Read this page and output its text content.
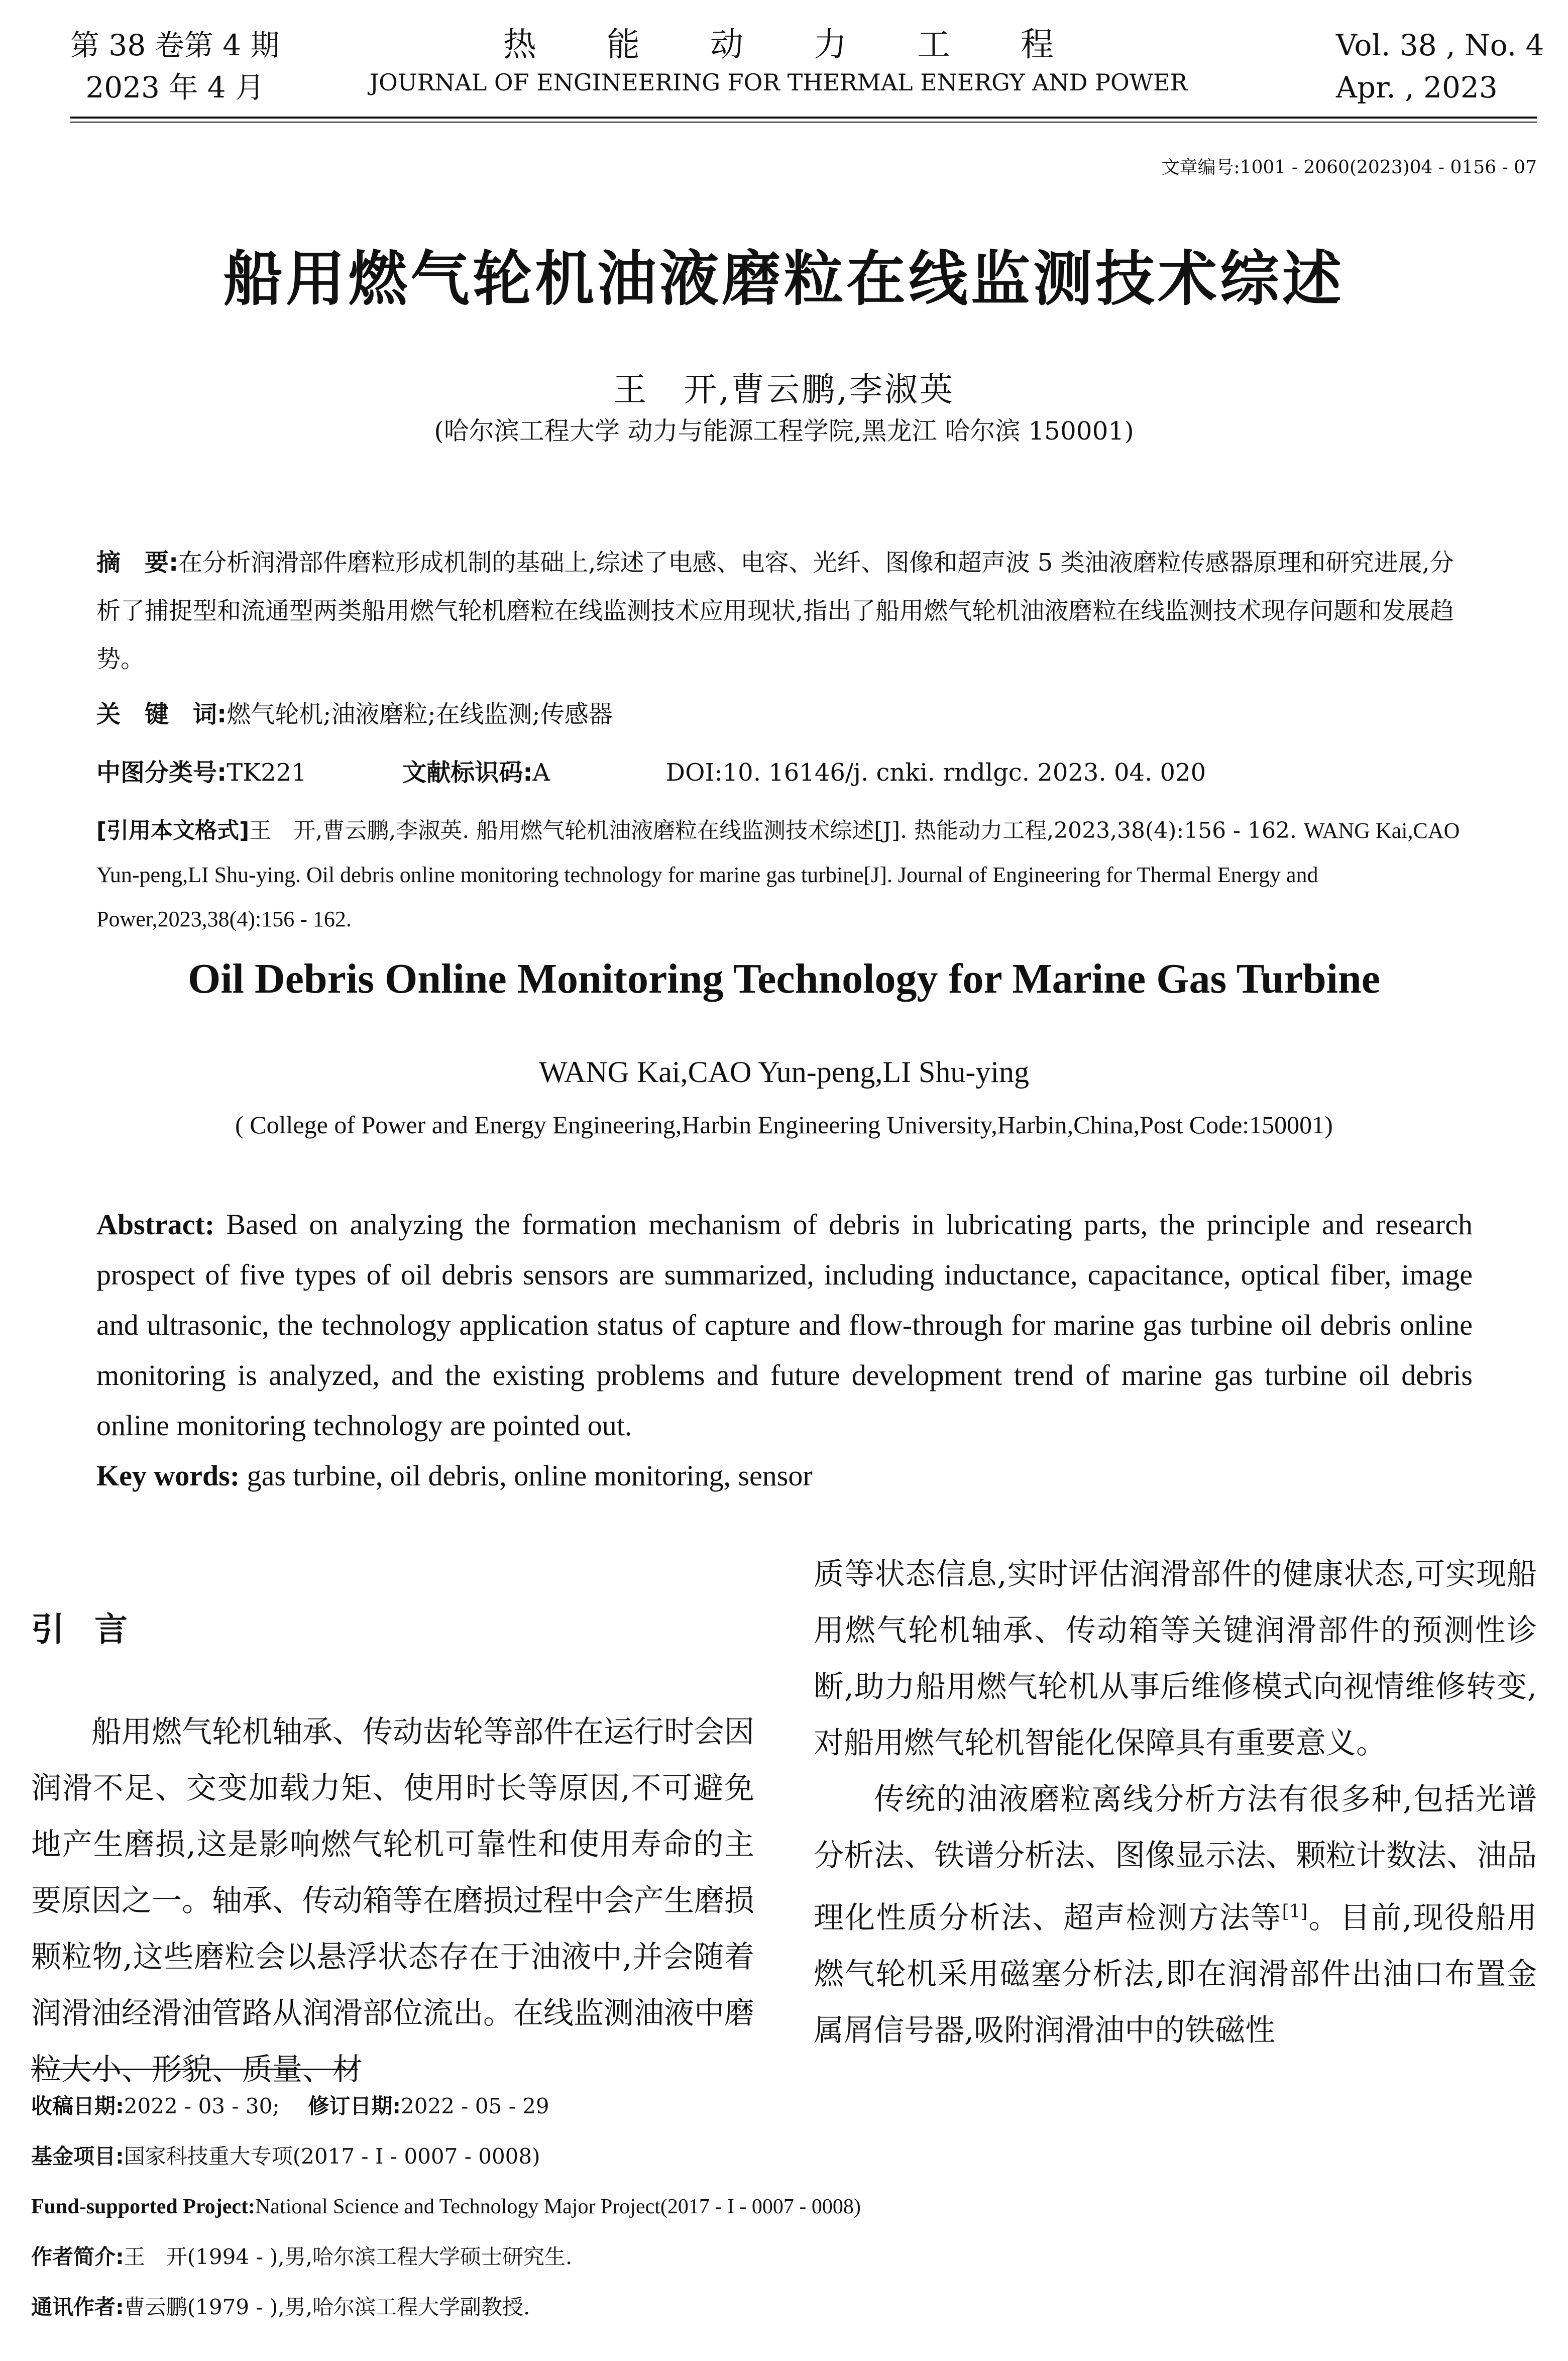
第 38 卷第 4 期
2023 年 4 月
热能动力工程
JOURNAL OF ENGINEERING FOR THERMAL ENERGY AND POWER
Vol. 38 , No. 4
Apr. , 2023
文章编号:1001 - 2060(2023)04 - 0156 - 07
船用燃气轮机油液磨粒在线监测技术综述
王　开,曹云鹏,李淑英
(哈尔滨工程大学 动力与能源工程学院,黑龙江 哈尔滨 150001)
摘　要:在分析润滑部件磨粒形成机制的基础上,综述了电感、电容、光纤、图像和超声波 5 类油液磨粒传感器原理和研究进展,分析了捕捉型和流通型两类船用燃气轮机磨粒在线监测技术应用现状,指出了船用燃气轮机油液磨粒在线监测技术现存问题和发展趋势。
关　键　词:燃气轮机;油液磨粒;在线监测;传感器
中图分类号:TK221	文献标识码:A	DOI:10. 16146/j. cnki. rndlgc. 2023. 04. 020
[引用本文格式]王　开,曹云鹏,李淑英. 船用燃气轮机油液磨粒在线监测技术综述[J]. 热能动力工程,2023,38(4):156 - 162. WANG Kai,CAO Yun-peng,LI Shu-ying. Oil debris online monitoring technology for marine gas turbine[J]. Journal of Engineering for Thermal Energy and Power,2023,38(4):156 - 162.
Oil Debris Online Monitoring Technology for Marine Gas Turbine
WANG Kai,CAO Yun-peng,LI Shu-ying
( College of Power and Energy Engineering,Harbin Engineering University,Harbin,China,Post Code:150001)
Abstract: Based on analyzing the formation mechanism of debris in lubricating parts, the principle and research prospect of five types of oil debris sensors are summarized, including inductance, capacitance, optical fiber, image and ultrasonic, the technology application status of capture and flow-through for marine gas turbine oil debris online monitoring is analyzed, and the existing problems and future development trend of marine gas turbine oil debris online monitoring technology are pointed out.
Key words: gas turbine, oil debris, online monitoring, sensor
引言
船用燃气轮机轴承、传动齿轮等部件在运行时会因润滑不足、交变加载力矩、使用时长等原因,不可避免地产生磨损,这是影响燃气轮机可靠性和使用寿命的主要原因之一。轴承、传动箱等在磨损过程中会产生磨损颗粒物,这些磨粒会以悬浮状态存在于油液中,并会随着润滑油经滑油管路从润滑部位流出。在线监测油液中磨粒大小、形貌、质量、材
质等状态信息,实时评估润滑部件的健康状态,可实现船用燃气轮机轴承、传动箱等关键润滑部件的预测性诊断,助力船用燃气轮机从事后维修模式向视情维修转变,对船用燃气轮机智能化保障具有重要意义。
传统的油液磨粒离线分析方法有很多种,包括光谱分析法、铁谱分析法、图像显示法、颗粒计数法、油品理化性质分析法、超声检测方法等[1]。目前,现役船用燃气轮机采用磁塞分析法,即在润滑部件出油口布置金属屑信号器,吸附润滑油中的铁磁性
收稿日期:2022 - 03 - 30; 修订日期:2022 - 05 - 29
基金项目:国家科技重大专项(2017 - I - 0007 - 0008)
Fund-supported Project:National Science and Technology Major Project(2017 - I - 0007 - 0008)
作者简介:王　开(1994 - ),男,哈尔滨工程大学硕士研究生.
通讯作者:曹云鹏(1979 - ),男,哈尔滨工程大学副教授.
